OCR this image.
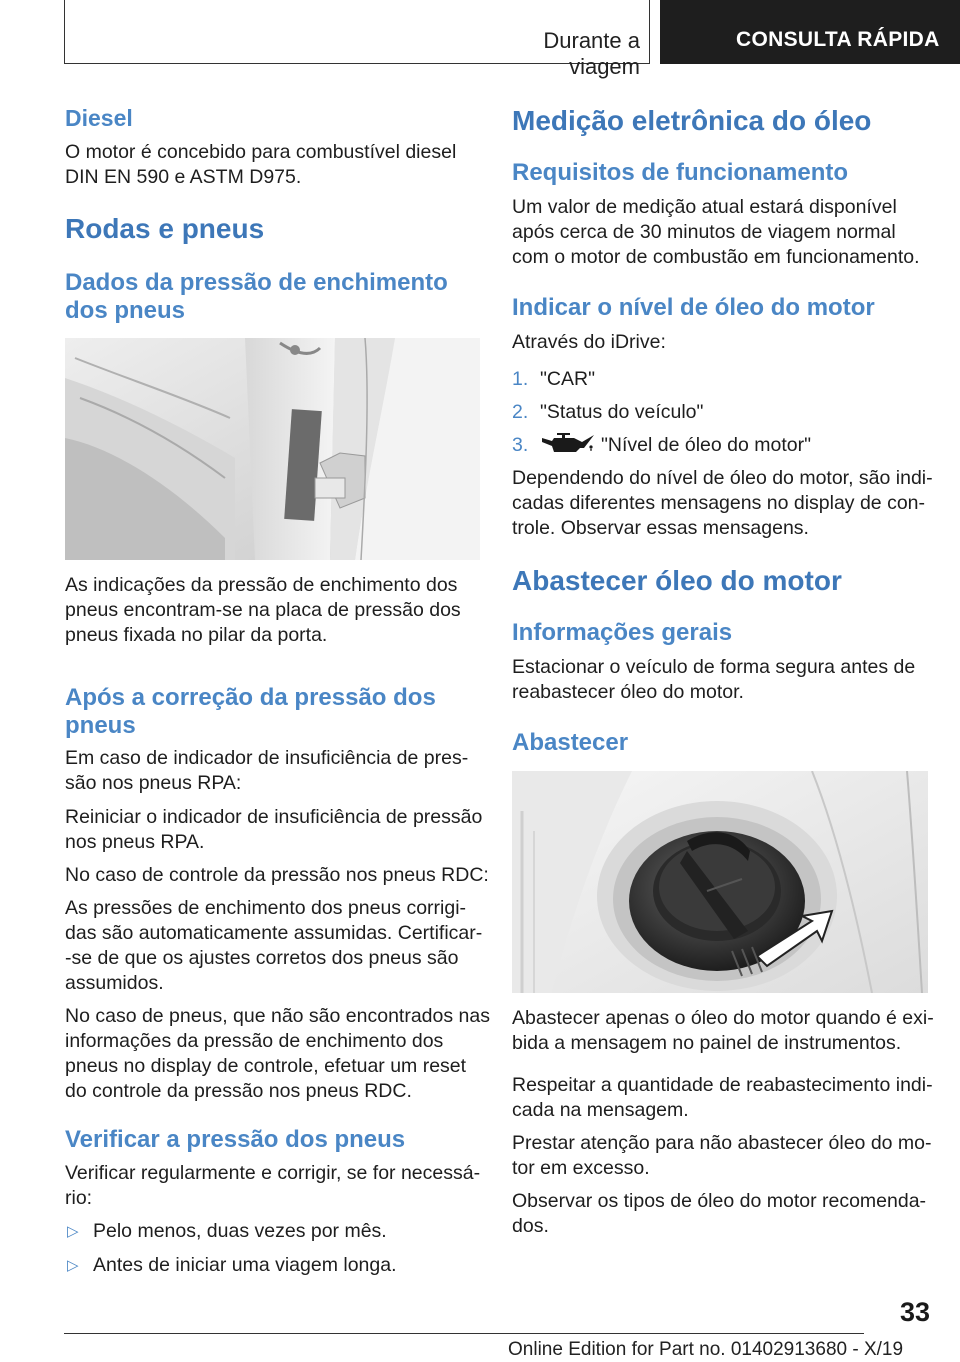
Durante a viagem
CONSULTA RÁPIDA
Diesel
O motor é concebido para combustível diesel
DIN EN 590 e ASTM D975.
Rodas e pneus
Dados da pressão de enchimento
dos pneus
As indicações da pressão de enchimento dos
pneus encontram-se na placa de pressão dos
pneus fixada no pilar da porta.
Após a correção da pressão dos
pneus
Em caso de indicador de insuficiência de pres-
são nos pneus RPA:
Reiniciar o indicador de insuficiência de pressão
nos pneus RPA.
No caso de controle da pressão nos pneus RDC:
As pressões de enchimento dos pneus corrigi-
das são automaticamente assumidas. Certificar-
-se de que os ajustes corretos dos pneus são
assumidos.
No caso de pneus, que não são encontrados nas
informações da pressão de enchimento dos
pneus no display de controle, efetuar um reset
do controle da pressão nos pneus RDC.
Verificar a pressão dos pneus
Verificar regularmente e corrigir, se for necessá-
rio:
▷ Pelo menos, duas vezes por mês.
▷ Antes de iniciar uma viagem longa.
Medição eletrônica do óleo
Requisitos de funcionamento
Um valor de medição atual estará disponível
após cerca de 30 minutos de viagem normal
com o motor de combustão em funcionamento.
Indicar o nível de óleo do motor
Através do iDrive:
1. "CAR"
2. "Status do veículo"
3.	"Nível de óleo do motor"
Dependendo do nível de óleo do motor, são indi-
cadas diferentes mensagens no display de con-
trole. Observar essas mensagens.
Abastecer óleo do motor
Informações gerais
Estacionar o veículo de forma segura antes de
reabastecer óleo do motor.
Abastecer
Abastecer apenas o óleo do motor quando é exi-
bida a mensagem no painel de instrumentos.
Respeitar a quantidade de reabastecimento indi-
cada na mensagem.
Prestar atenção para não abastecer óleo do mo-
tor em excesso.
Observar os tipos de óleo do motor recomenda-
dos.
33
Online Edition for Part no. 01402913680 - X/19
